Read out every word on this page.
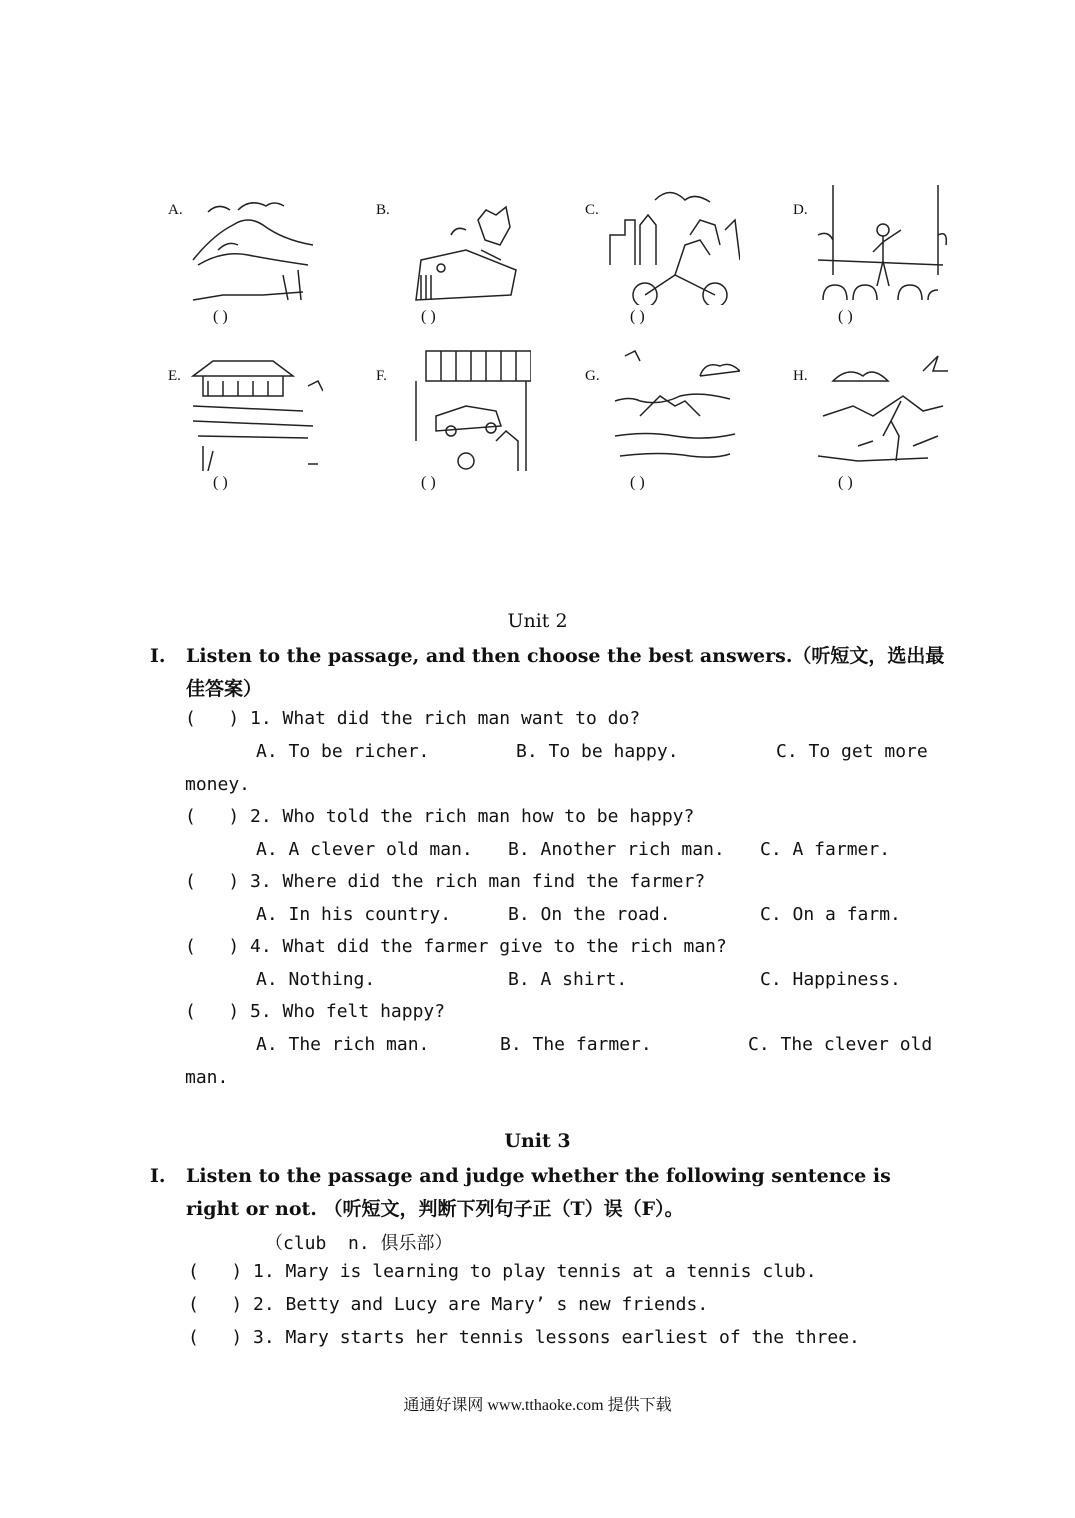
A.
( )
B.
( )
C.
( )
D.
( )
E.
( )
F.
( )
G.
( )
H.
( )
Unit 2
Ⅰ. Listen to the passage, and then choose the best answers.（听短文，选出最佳答案）
(   ) 1. What did the rich man want to do?
A. To be richer.	B. To be happy.	C. To get more
money.
(   ) 2. Who told the rich man how to be happy?
A. A clever old man. B. Another rich man. C. A farmer.
(   ) 3. Where did the rich man find the farmer?
A. In his country.	B. On the road.	C. On a farm.
(   ) 4. What did the farmer give to the rich man?
A. Nothing.	B. A shirt.	C. Happiness.
(   ) 5. Who felt happy?
A. The rich man.	B. The farmer.	C. The clever old
man.
Unit 3
Ⅰ. Listen to the passage and judge whether the following sentence is right or not. （听短文，判断下列句子正（T）误（F）。
（club  n. 俱乐部）
(   ) 1. Mary is learning to play tennis at a tennis club.
(   ) 2. Betty and Lucy are Mary’ s new friends.
(   ) 3. Mary starts her tennis lessons earliest of the three.
通通好课网 www.tthaoke.com 提供下载
